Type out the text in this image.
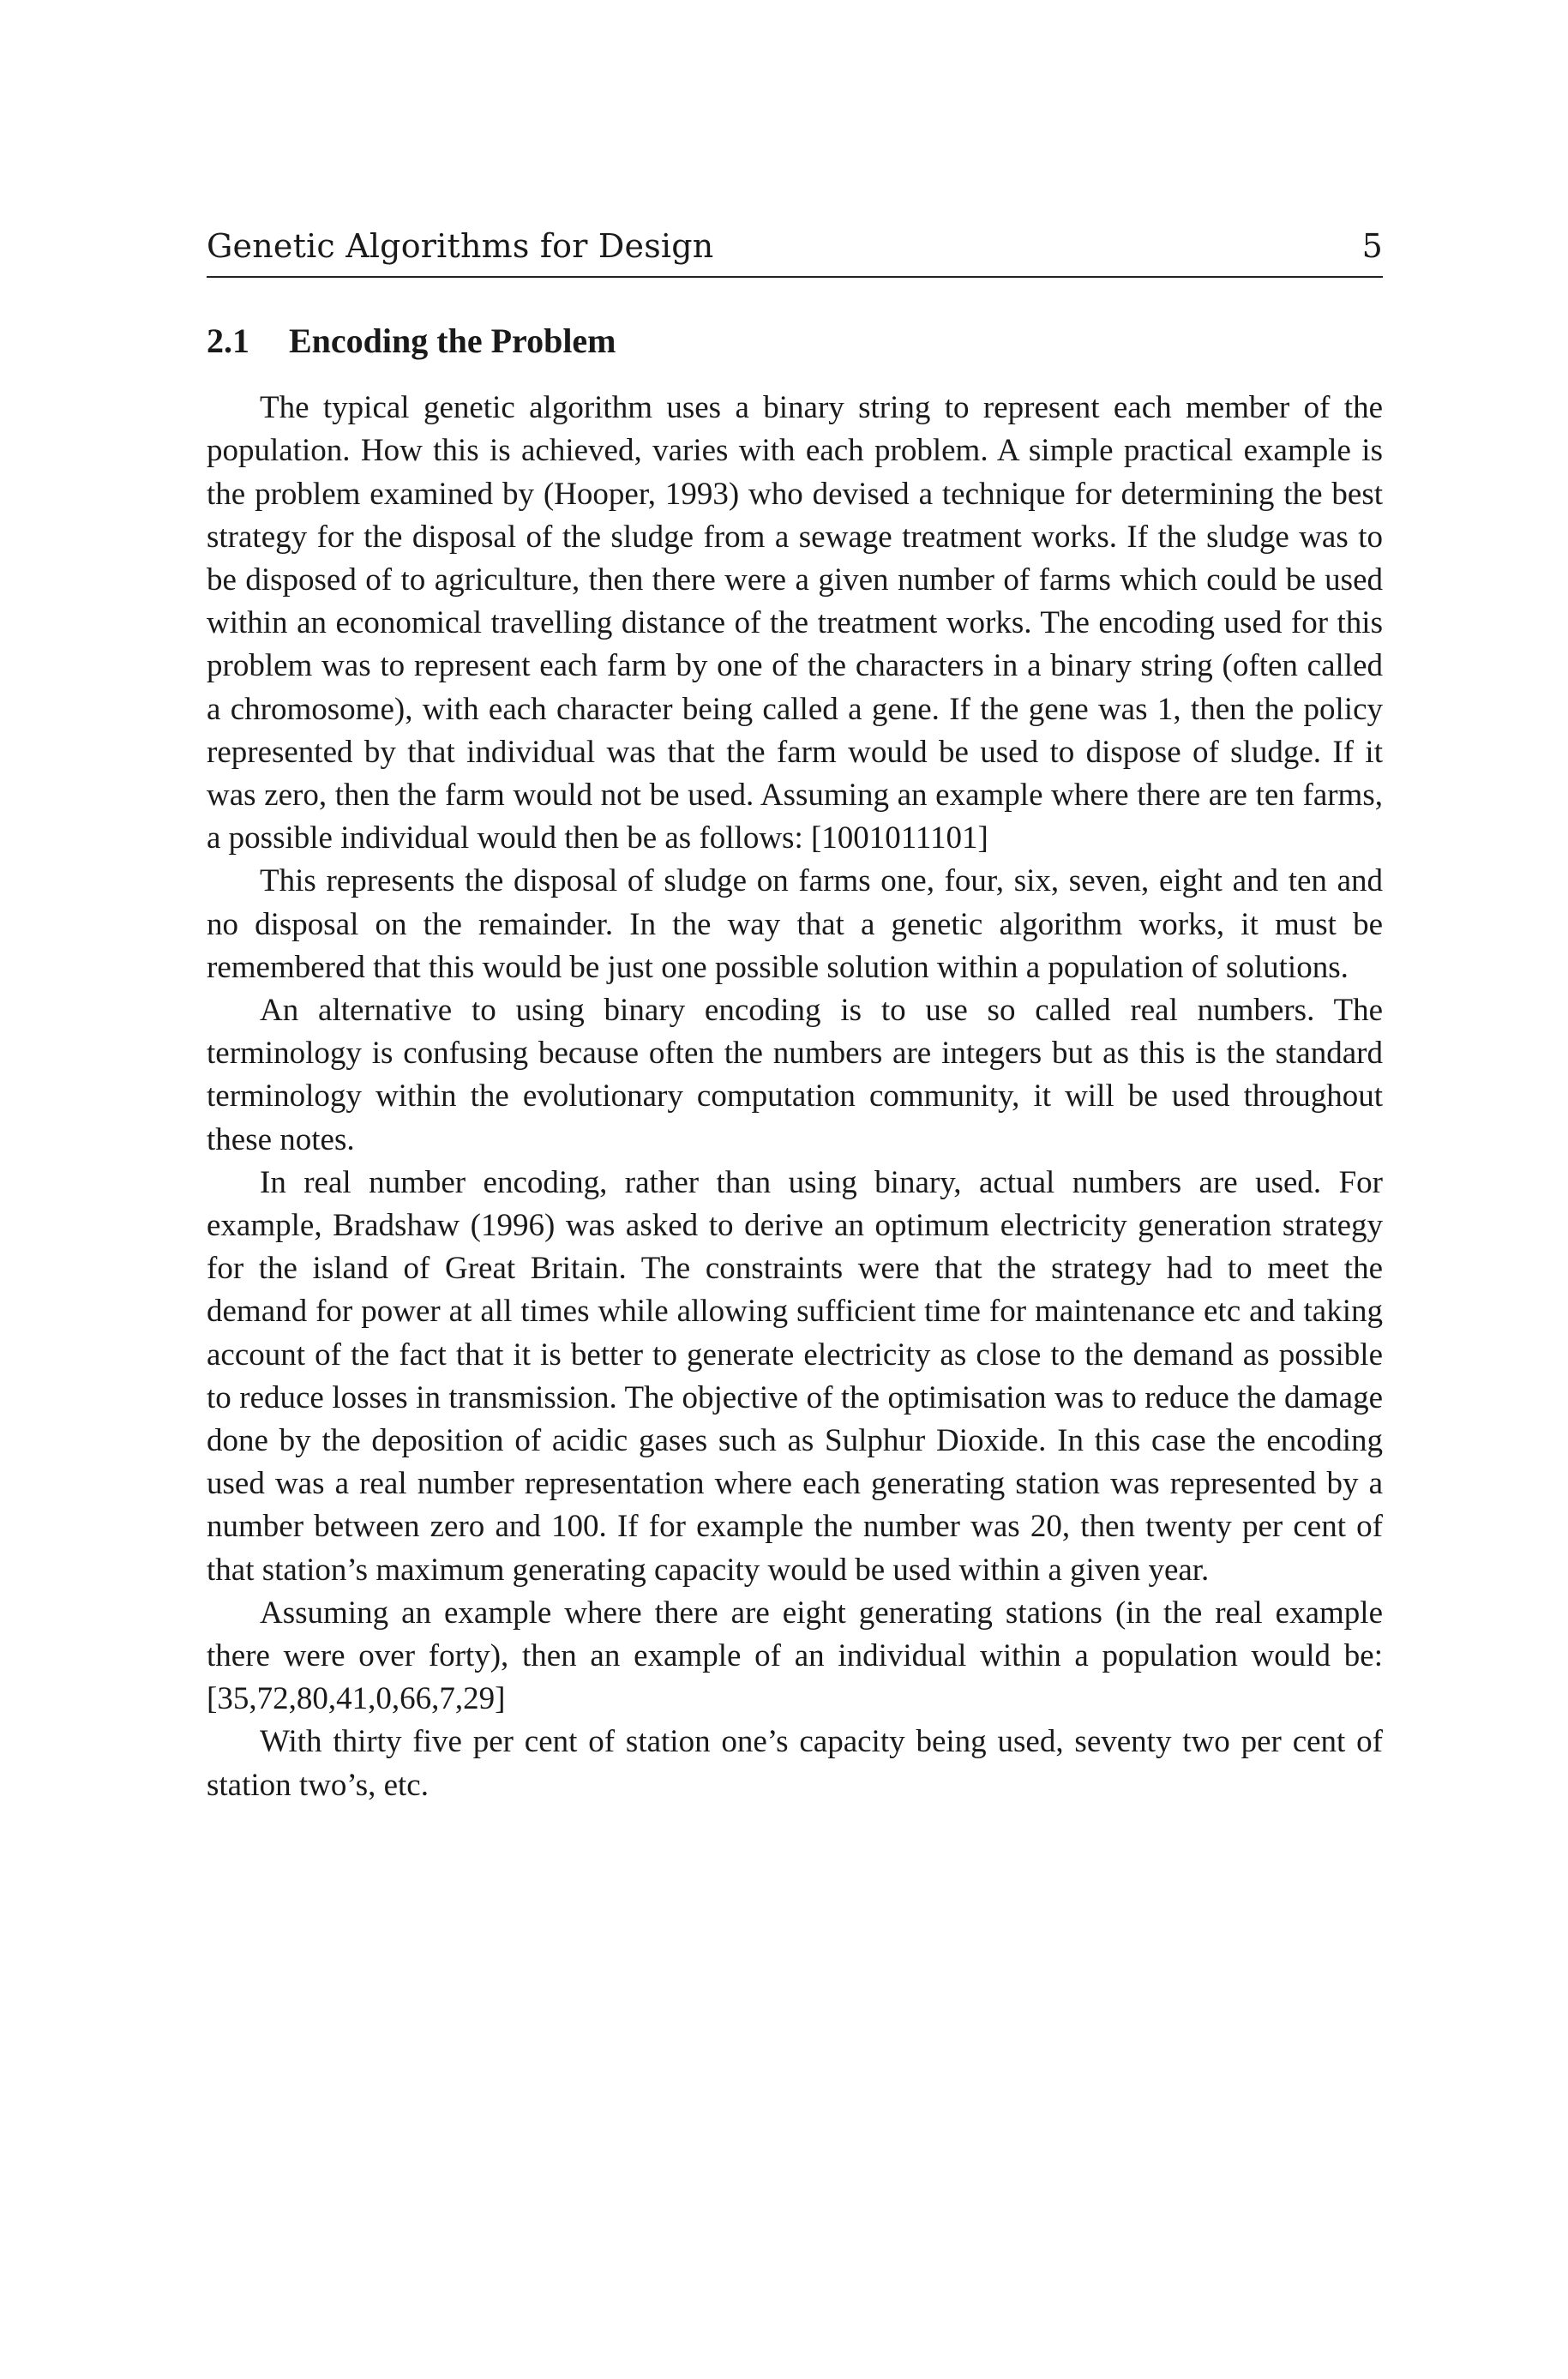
Genetic Algorithms for Design	5
2.1	Encoding the Problem

The typical genetic algorithm uses a binary string to represent each member of the population. How this is achieved, varies with each problem. A simple practical example is the problem examined by (Hooper, 1993) who devised a technique for determining the best strategy for the disposal of the sludge from a sewage treatment works. If the sludge was to be disposed of to agriculture, then there were a given number of farms which could be used within an economical travelling distance of the treatment works. The encoding used for this problem was to represent each farm by one of the characters in a binary string (often called a chromosome), with each character being called a gene. If the gene was 1, then the policy represented by that individual was that the farm would be used to dispose of sludge. If it was zero, then the farm would not be used. Assuming an example where there are ten farms, a possible individual would then be as follows: [1001011101]

This represents the disposal of sludge on farms one, four, six, seven, eight and ten and no disposal on the remainder. In the way that a genetic algorithm works, it must be remembered that this would be just one possible solution within a population of solutions.

An alternative to using binary encoding is to use so called real numbers. The terminology is confusing because often the numbers are integers but as this is the standard terminology within the evolutionary computation community, it will be used throughout these notes.

In real number encoding, rather than using binary, actual numbers are used. For example, Bradshaw (1996) was asked to derive an optimum electricity generation strategy for the island of Great Britain. The constraints were that the strategy had to meet the demand for power at all times while allowing sufficient time for maintenance etc and taking account of the fact that it is better to generate electricity as close to the demand as possible to reduce losses in transmission. The objective of the optimisation was to reduce the damage done by the deposition of acidic gases such as Sulphur Dioxide. In this case the encoding used was a real number representation where each generating station was represented by a number between zero and 100. If for example the number was 20, then twenty per cent of that station’s maximum generating capacity would be used within a given year.

Assuming an example where there are eight generating stations (in the real example there were over forty), then an example of an individual within a population would be: [35,72,80,41,0,66,7,29]

With thirty five per cent of station one’s capacity being used, seventy two per cent of station two’s, etc.
